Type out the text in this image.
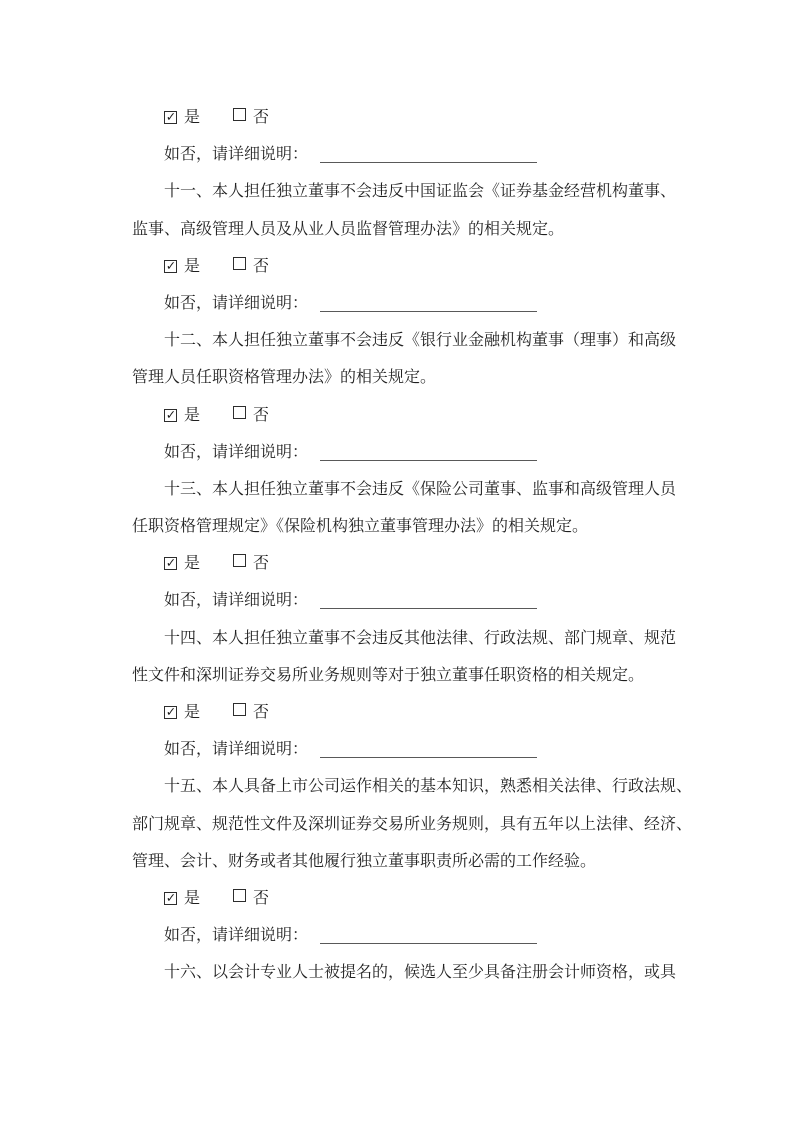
✓ 是	否
如否，请详细说明：
十一、本人担任独立董事不会违反中国证监会《证券基金经营机构董事、
监事、高级管理人员及从业人员监督管理办法》的相关规定。
✓ 是	否
如否，请详细说明：
十二、本人担任独立董事不会违反《银行业金融机构董事（理事）和高级
管理人员任职资格管理办法》的相关规定。
✓ 是	否
如否，请详细说明：
十三、本人担任独立董事不会违反《保险公司董事、监事和高级管理人员
任职资格管理规定》《保险机构独立董事管理办法》的相关规定。
✓ 是	否
如否，请详细说明：
十四、本人担任独立董事不会违反其他法律、行政法规、部门规章、规范
性文件和深圳证券交易所业务规则等对于独立董事任职资格的相关规定。
✓ 是	否
如否，请详细说明：
十五、本人具备上市公司运作相关的基本知识，熟悉相关法律、行政法规、
部门规章、规范性文件及深圳证券交易所业务规则，具有五年以上法律、经济、
管理、会计、财务或者其他履行独立董事职责所必需的工作经验。
✓ 是	否
如否，请详细说明：
十六、以会计专业人士被提名的，候选人至少具备注册会计师资格，或具
